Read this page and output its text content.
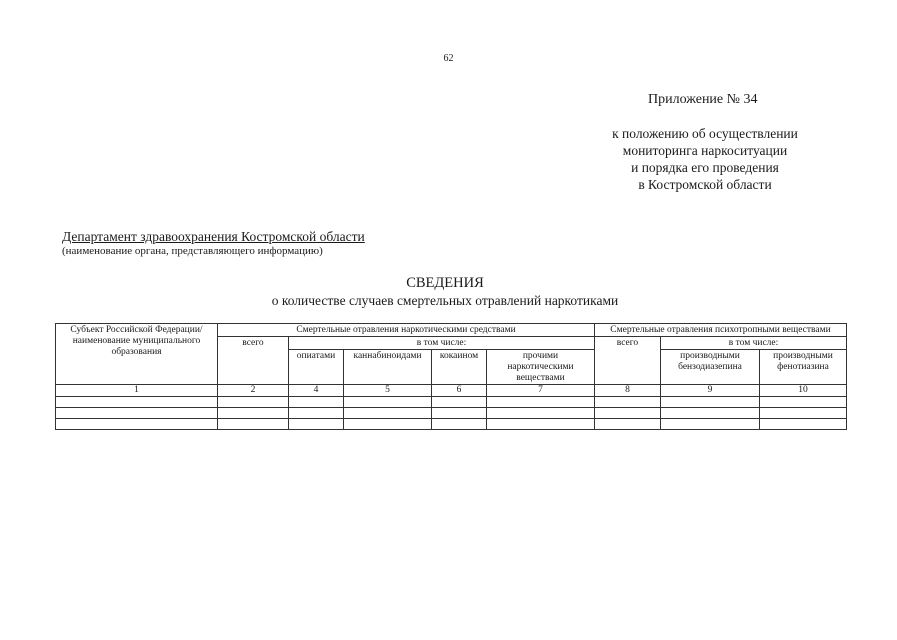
62
Приложение № 34
к положению об осуществлении
мониторинга наркоситуации
и порядка его проведения
в Костромской области
Департамент здравоохранения Костромской области
(наименование органа, представляющего информацию)
СВЕДЕНИЯ
о количестве случаев смертельных отравлений наркотиками
Субъект Российской Федерации/ наименование муниципального образования	Смертельные отравления наркотическими средствами					Смертельные отравления психотропными веществами		
	всего	в том числе:				всего	в том числе:	
		опиатами	каннабиноидами	кокаином	прочими наркотическими веществами		производными бензодиазепина	производными фенотиазина
1	2	4	5	6	7	8	9	10
